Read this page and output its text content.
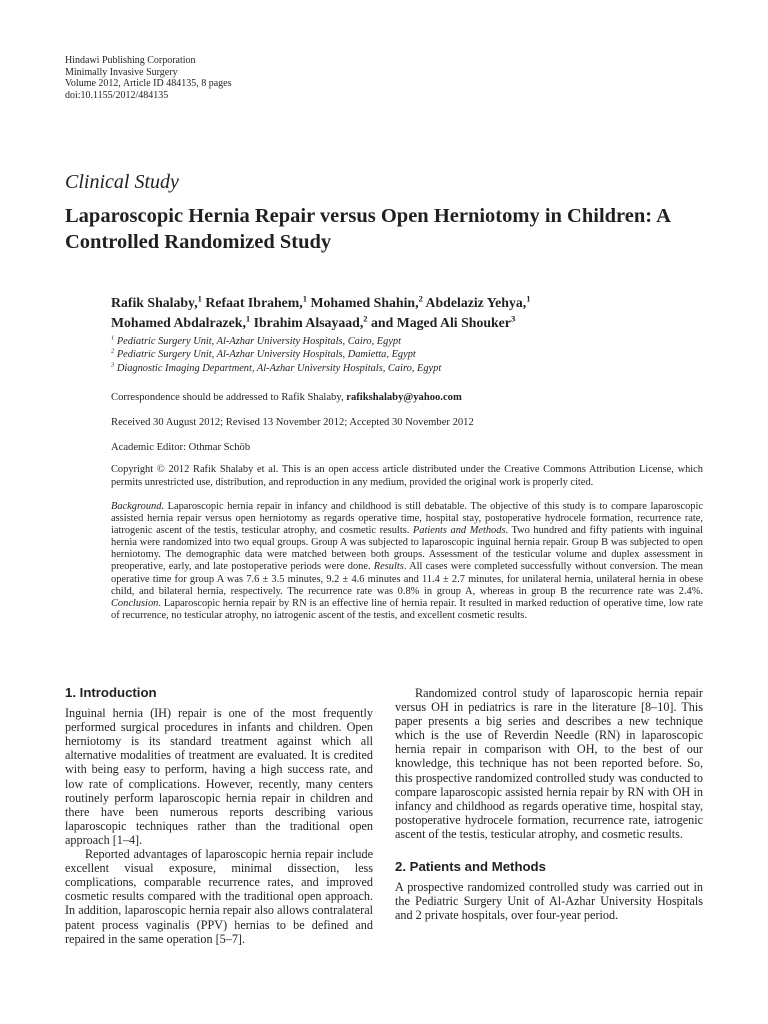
Hindawi Publishing Corporation
Minimally Invasive Surgery
Volume 2012, Article ID 484135, 8 pages
doi:10.1155/2012/484135
Clinical Study
Laparoscopic Hernia Repair versus Open Herniotomy in Children: A Controlled Randomized Study
Rafik Shalaby,$^1$ Refaat Ibrahem,$^1$ Mohamed Shahin,$^2$ Abdelaziz Yehya,$^1$
Mohamed Abdalrazek,$^1$ Ibrahim Alsayaad,$^2$ and Maged Ali Shouker$^3$
$^1$ Pediatric Surgery Unit, Al-Azhar University Hospitals, Cairo, Egypt
$^2$ Pediatric Surgery Unit, Al-Azhar University Hospitals, Damietta, Egypt
$^3$ Diagnostic Imaging Department, Al-Azhar University Hospitals, Cairo, Egypt
Correspondence should be addressed to Rafik Shalaby, rafikshalaby@yahoo.com
Received 30 August 2012; Revised 13 November 2012; Accepted 30 November 2012
Academic Editor: Othmar Schöb
Copyright © 2012 Rafik Shalaby et al. This is an open access article distributed under the Creative Commons Attribution License, which permits unrestricted use, distribution, and reproduction in any medium, provided the original work is properly cited.
Background. Laparoscopic hernia repair in infancy and childhood is still debatable. The objective of this study is to compare laparoscopic assisted hernia repair versus open herniotomy as regards operative time, hospital stay, postoperative hydrocele formation, recurrence rate, iatrogenic ascent of the testis, testicular atrophy, and cosmetic results. Patients and Methods. Two hundred and fifty patients with inguinal hernia were randomized into two equal groups. Group A was subjected to laparoscopic inguinal hernia repair. Group B was subjected to open herniotomy. The demographic data were matched between both groups. Assessment of the testicular volume and duplex assessment in preoperative, early, and late postoperative periods were done. Results. All cases were completed successfully without conversion. The mean operative time for group A was 7.6 ± 3.5 minutes, 9.2 ± 4.6 minutes and 11.4 ± 2.7 minutes, for unilateral hernia, unilateral hernia in obese child, and bilateral hernia, respectively. The recurrence rate was 0.8% in group A, whereas in group B the recurrence rate was 2.4%. Conclusion. Laparoscopic hernia repair by RN is an effective line of hernia repair. It resulted in marked reduction of operative time, low rate of recurrence, no testicular atrophy, no iatrogenic ascent of the testis, and excellent cosmetic results.

1. Introduction

Inguinal hernia (IH) repair is one of the most frequently performed surgical procedures in infants and children. Open herniotomy is its standard treatment against which all alternative modalities of treatment are evaluated. It is credited with being easy to perform, having a high success rate, and low rate of complications. However, recently, many centers routinely perform laparoscopic hernia repair in children and there have been numerous reports describing various laparoscopic techniques rather than the traditional open approach [1–4].

Reported advantages of laparoscopic hernia repair include excellent visual exposure, minimal dissection, less complications, comparable recurrence rates, and improved cosmetic results compared with the traditional open approach. In addition, laparoscopic hernia repair also allows contralateral patent process vaginalis (PPV) hernias to be defined and repaired in the same operation [5–7].

Randomized control study of laparoscopic hernia repair versus OH in pediatrics is rare in the literature [8–10]. This paper presents a big series and describes a new technique which is the use of Reverdin Needle (RN) in laparoscopic hernia repair in comparison with OH, to the best of our knowledge, this technique has not been reported before. So, this prospective randomized controlled study was conducted to compare laparoscopic assisted hernia repair by RN with OH in infancy and childhood as regards operative time, hospital stay, postoperative hydrocele formation, recurrence rate, iatrogenic ascent of the testis, testicular atrophy, and cosmetic results.

2. Patients and Methods

A prospective randomized controlled study was carried out in the Pediatric Surgery Unit of Al-Azhar University Hospitals and 2 private hospitals, over four-year period.
